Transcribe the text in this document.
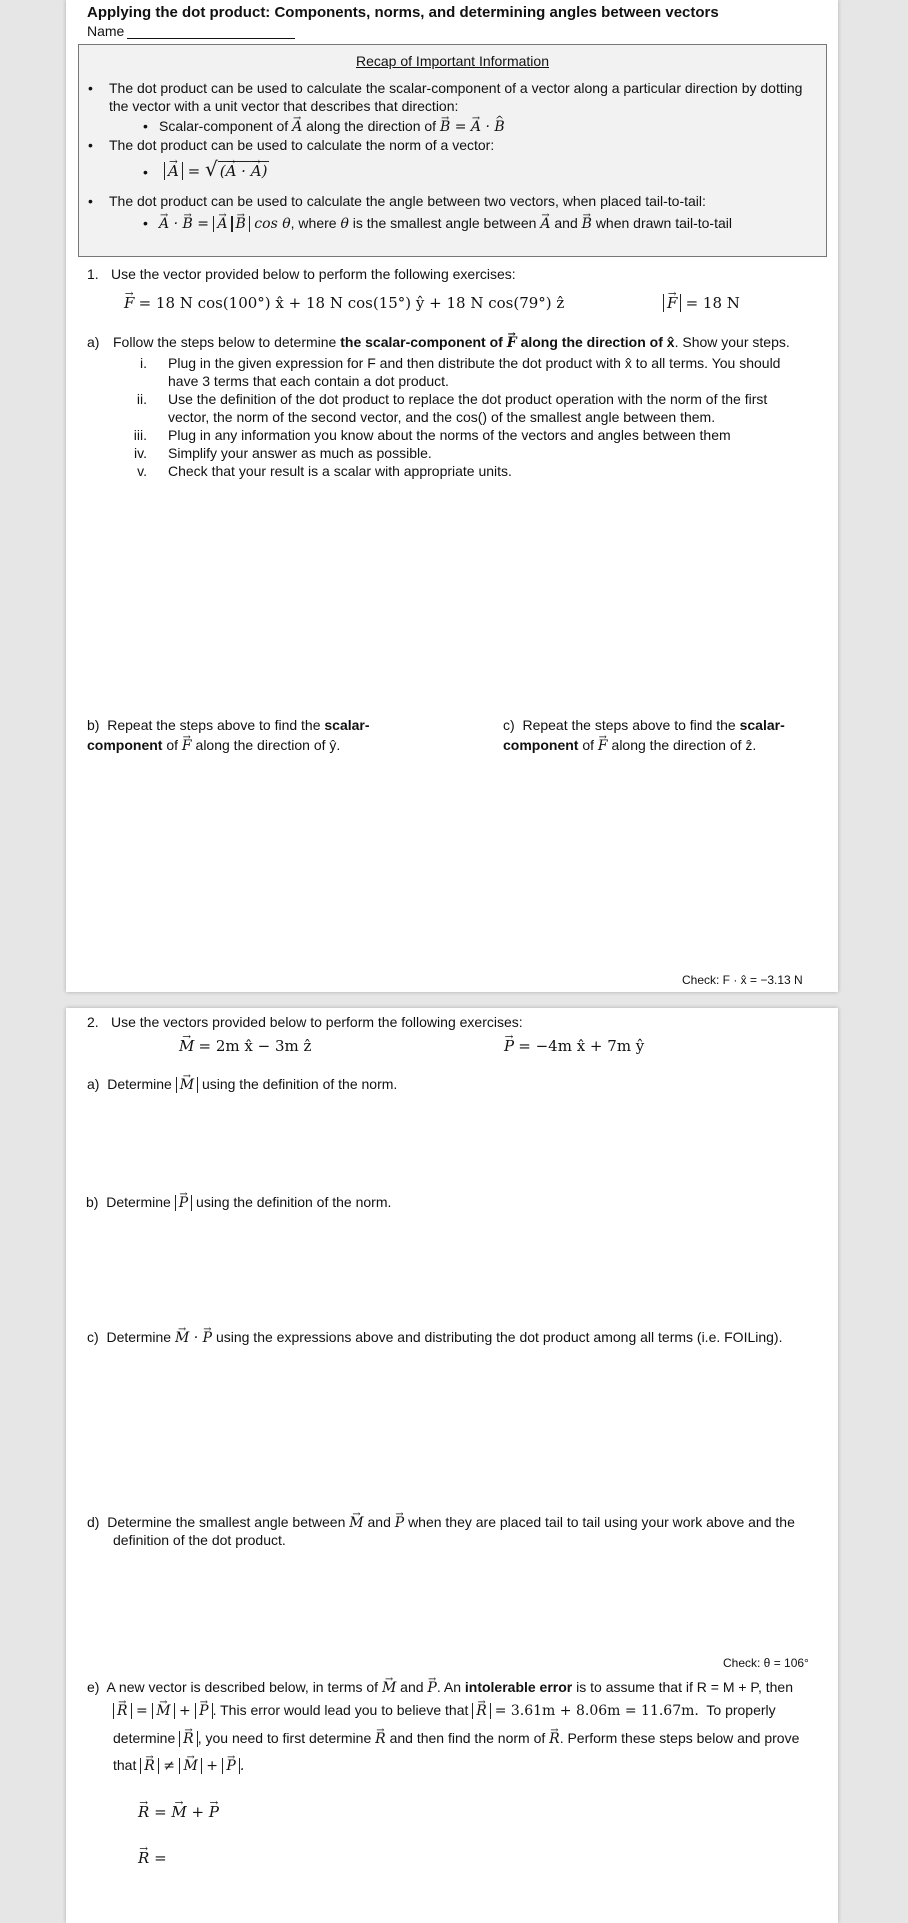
Applying the dot product: Components, norms, and determining angles between vectors
Name
Recap of Important Information
• The dot product can be used to calculate the scalar-component of a vector along a particular direction by dotting
the vector with a unit vector that describes that direction:
• Scalar-component of → A along the direction of → B = → A · ^ B
• The dot product can be used to calculate the norm of a vector:
• → A = √ (→ A · → A)
• The dot product can be used to calculate the angle between two vectors, when placed tail-to-tail:
• → A · → B = → A → B cos θ, where θ is the smallest angle between → A and → B when drawn tail-to-tail
1. Use the vector provided below to perform the following exercises:
→ F = 18 N cos(100°) x̂ + 18 N cos(15°) ŷ + 18 N cos(79°) ẑ	→ F = 18 N
a) Follow the steps below to determine the scalar-component of → F along the direction of x̂. Show your steps.
i. Plug in the given expression for F and then distribute the dot product with x̂ to all terms. You should
have 3 terms that each contain a dot product.
ii. Use the definition of the dot product to replace the dot product operation with the norm of the first
vector, the norm of the second vector, and the cos() of the smallest angle between them.
iii. Plug in any information you know about the norms of the vectors and angles between them
iv. Simplify your answer as much as possible.
v. Check that your result is a scalar with appropriate units.
b) Repeat the steps above to find the scalar-
component of → F along the direction of ŷ.
c) Repeat the steps above to find the scalar-
component of → F along the direction of ẑ.
Check: F · x̂ = −3.13 N
2. Use the vectors provided below to perform the following exercises:
→ M = 2m x̂ − 3m ẑ	→ P = −4m x̂ + 7m ŷ
a) Determine → M using the definition of the norm.
b) Determine → P using the definition of the norm.
c) Determine → M · → P using the expressions above and distributing the dot product among all terms (i.e. FOILing).
d) Determine the smallest angle between → M and → P when they are placed tail to tail using your work above and the
definition of the dot product.
Check: θ = 106°
e) A new vector is described below, in terms of → M and → P. An intolerable error is to assume that if R = M + P, then
→ R = → M + → P . This error would lead you to believe that → R = 3.61m + 8.06m = 11.67m. To properly
determine → R , you need to first determine → R and then find the norm of → R. Perform these steps below and prove
that → R ≠ → M + → P .
→ R = → M + → P
→ R =
